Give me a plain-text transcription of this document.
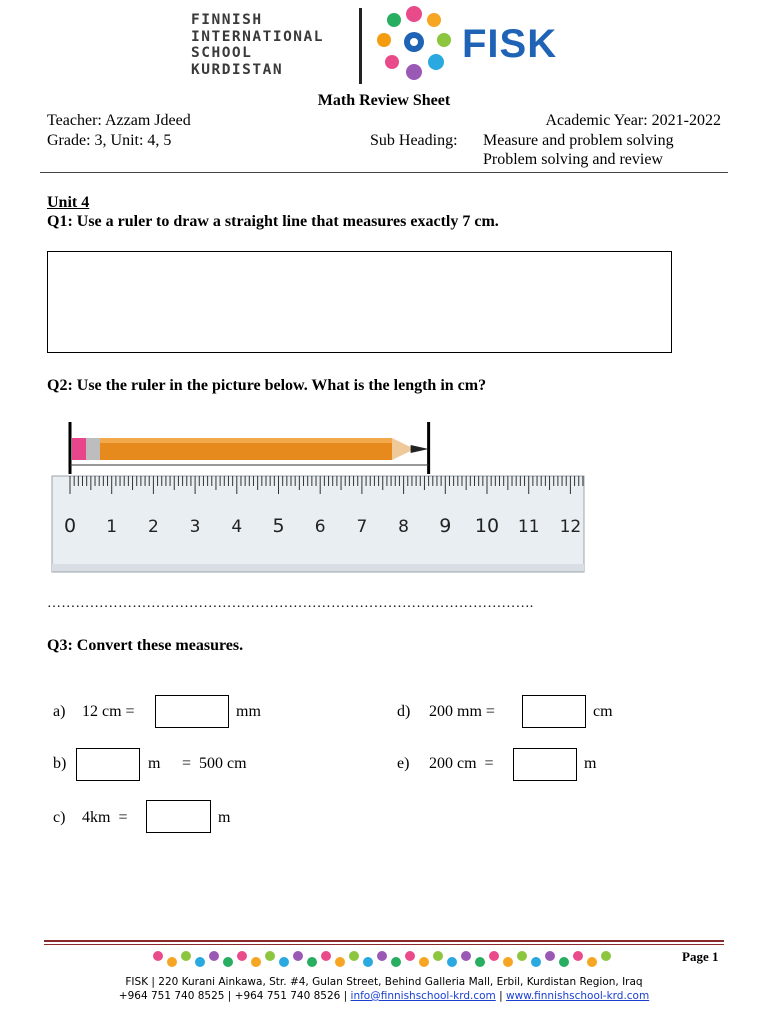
FINNISH
INTERNATIONAL
SCHOOL
KURDISTAN
FISK
Math Review Sheet
Teacher: Azzam Jdeed	Academic Year: 2021-2022
Grade: 3, Unit: 4, 5	Sub Heading: Measure and problem solving
Problem solving and review
Unit 4
Q1: Use a ruler to draw a straight line that measures exactly 7 cm.
Q2: Use the ruler in the picture below. What is the length in cm?
0 1 2 3 4 5 6 7 8 9 10 11 12
………………………………………………………………………………………….
Q3: Convert these measures.
a) 12 cm =	mm
b)	m =  500 cm
c) 4km  =	m
d) 200 mm =	cm
e) 200 cm  =	m
Page 1
FISK | 220 Kurani Ainkawa, Str. #4, Gulan Street, Behind Galleria Mall, Erbil, Kurdistan Region, Iraq
+964 751 740 8525 | +964 751 740 8526 | info@finnishschool-krd.com | www.finnishschool-krd.com
